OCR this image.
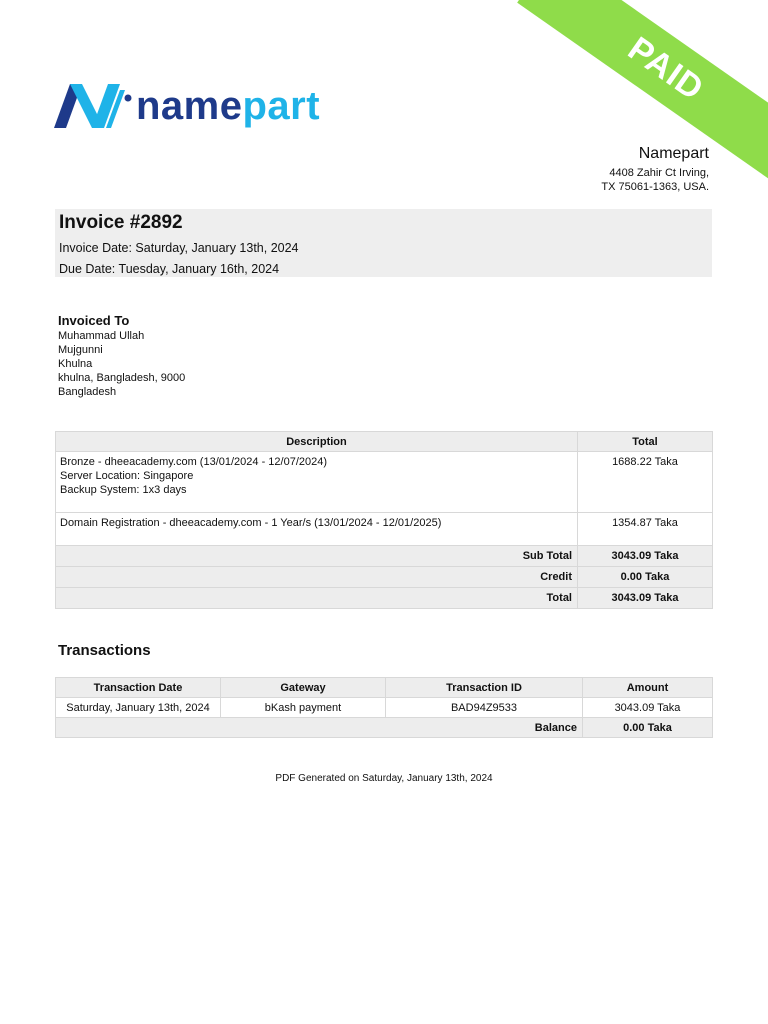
PAID
namepart
Namepart
4408 Zahir Ct Irving,
TX 75061-1363, USA.
Invoice #2892
Invoice Date: Saturday, January 13th, 2024
Due Date: Tuesday, January 16th, 2024
Invoiced To
Muhammad Ullah
Mujgunni
Khulna
khulna, Bangladesh, 9000
Bangladesh
Description	Total

Bronze - dheeacademy.com (13/01/2024 - 12/07/2024)
Server Location: Singapore
Backup System: 1x3 days	1688.22 Taka

Domain Registration - dheeacademy.com - 1 Year/s (13/01/2024 - 12/01/2025)	1354.87 Taka
Sub Total	3043.09 Taka
Credit	0.00 Taka
Total	3043.09 Taka
Transactions
Transaction Date	Gateway	Transaction ID	Amount
Saturday, January 13th, 2024	bKash payment	BAD94Z9533	3043.09 Taka
Balance			0.00 Taka
PDF Generated on Saturday, January 13th, 2024
